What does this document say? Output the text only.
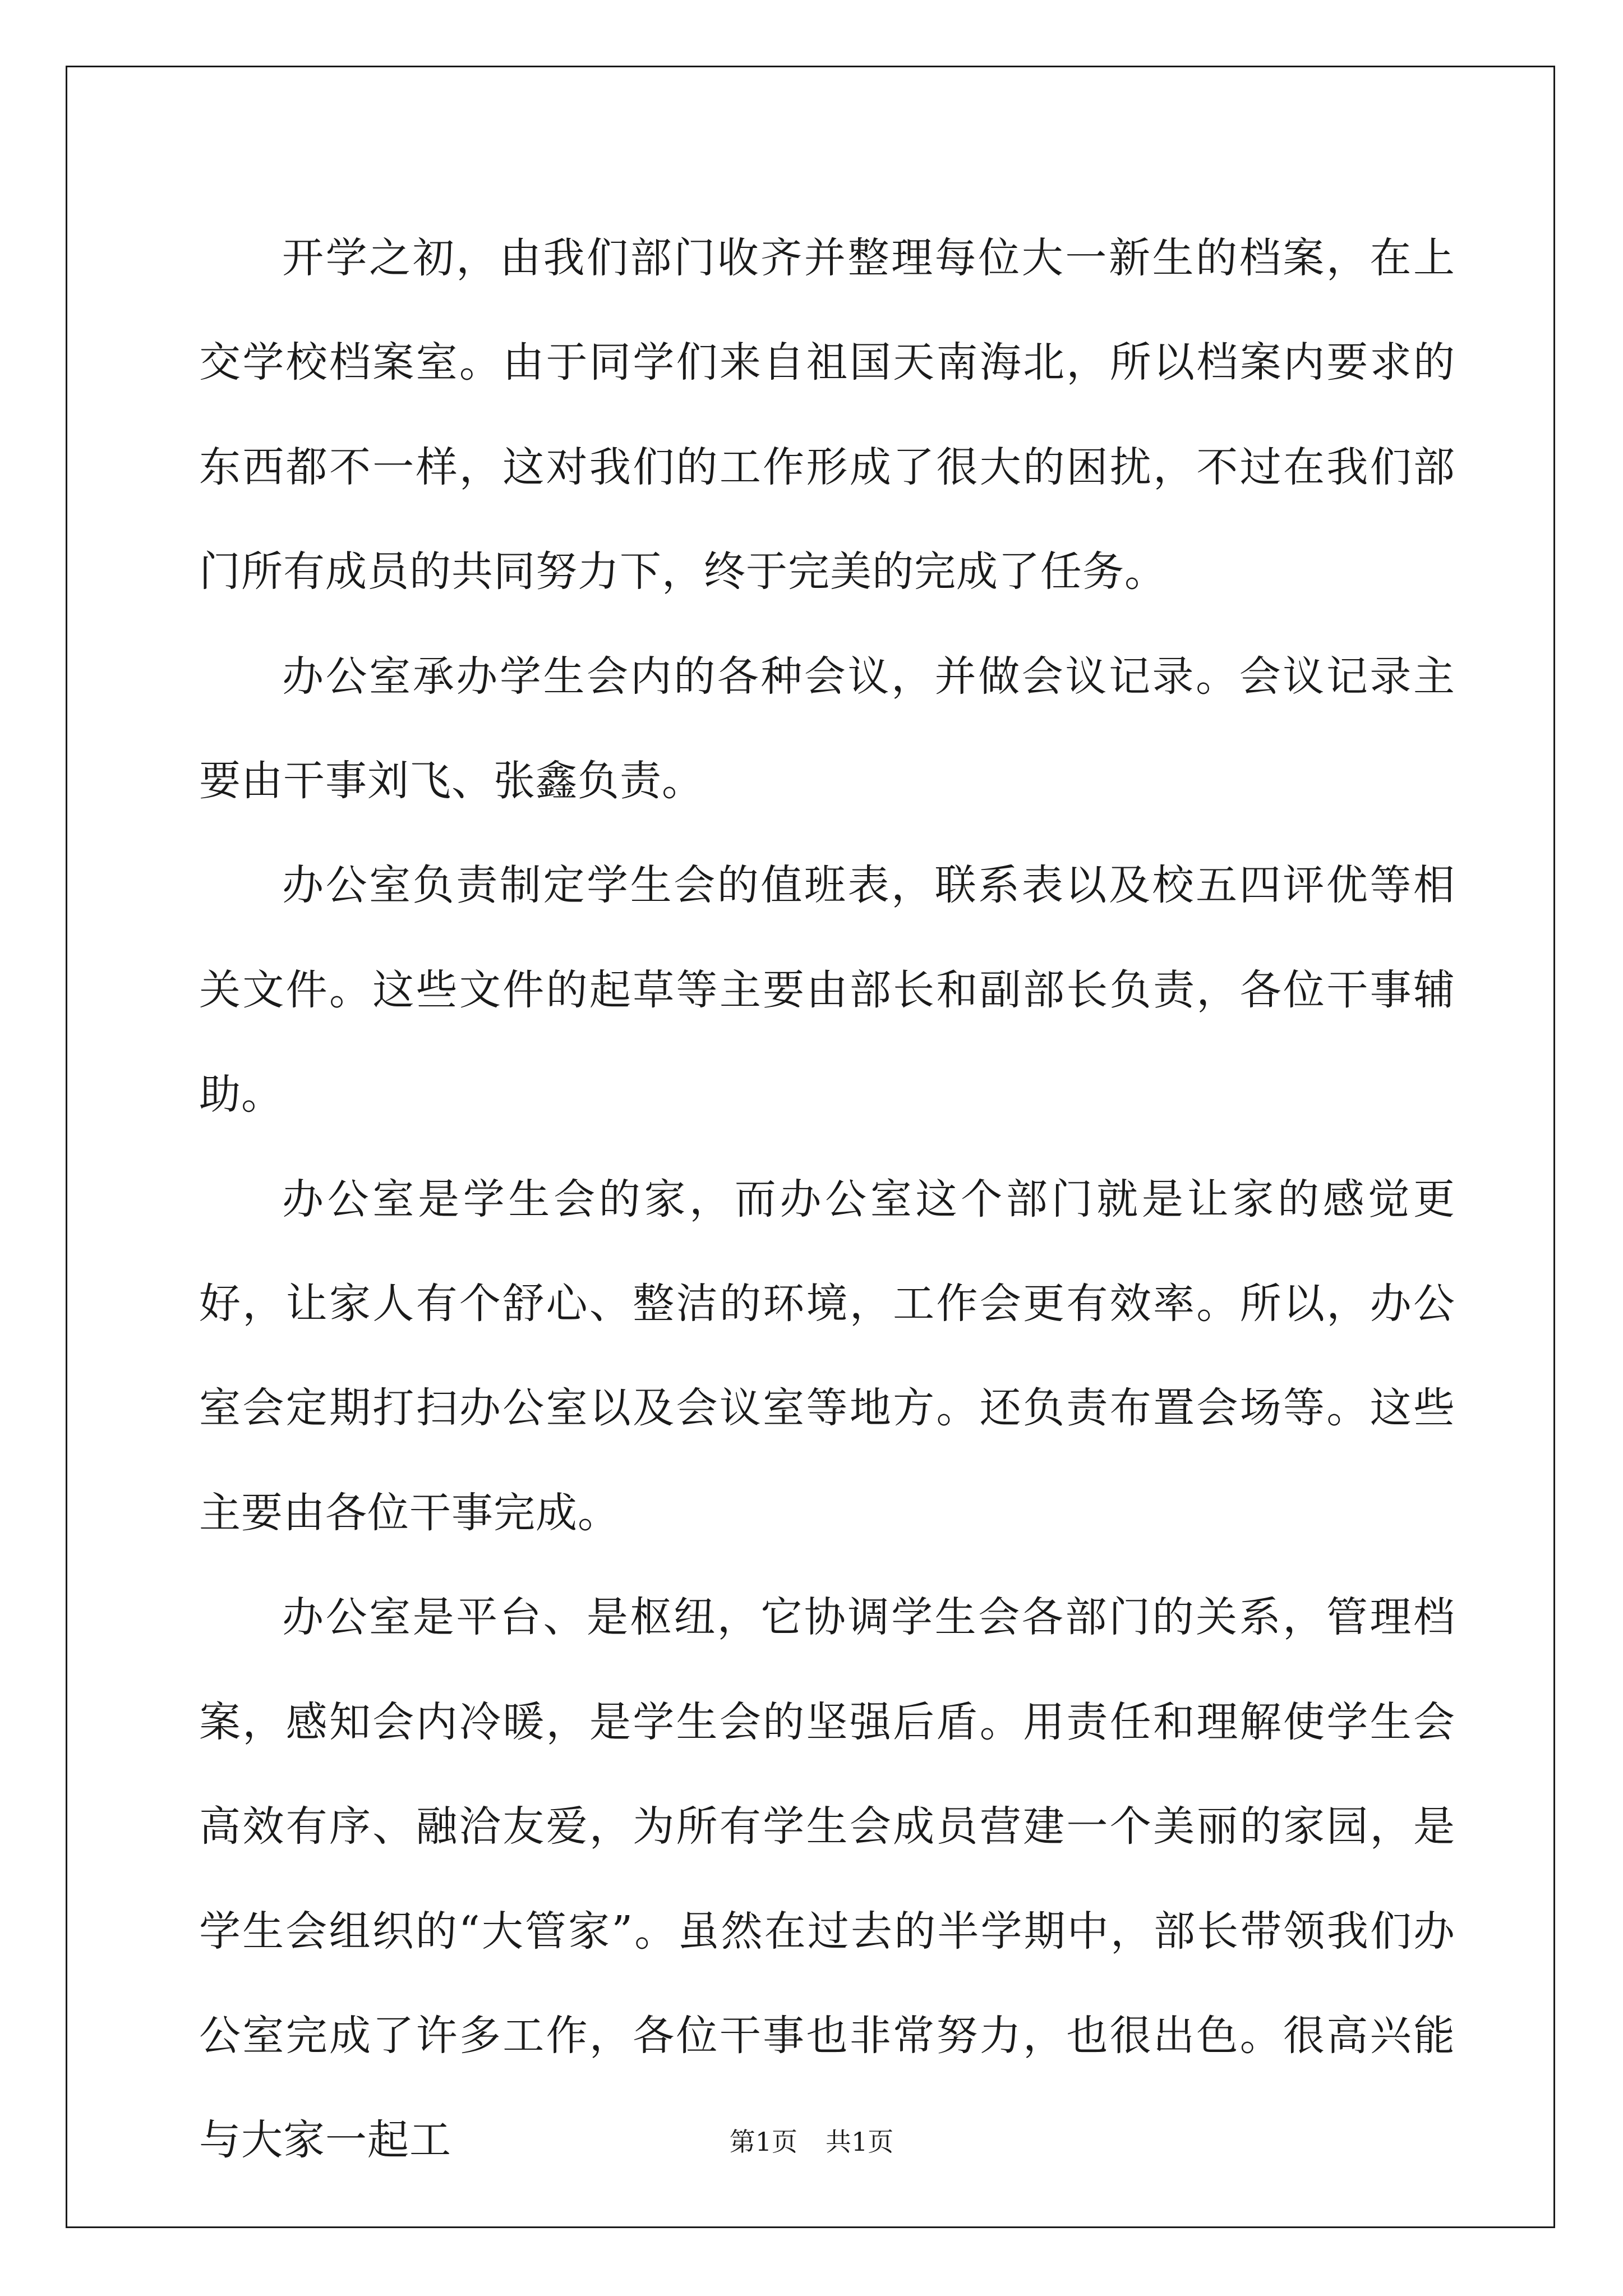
开学之初，由我们部门收齐并整理每位大一新生的档案，在上交学校档案室。由于同学们来自祖国天南海北，所以档案内要求的东西都不一样，这对我们的工作形成了很大的困扰，不过在我们部门所有成员的共同努力下，终于完美的完成了任务。

办公室承办学生会内的各种会议，并做会议记录。会议记录主要由干事刘飞、张鑫负责。

办公室负责制定学生会的值班表，联系表以及校五四评优等相关文件。这些文件的起草等主要由部长和副部长负责，各位干事辅助。

办公室是学生会的家，而办公室这个部门就是让家的感觉更好，让家人有个舒心、整洁的环境，工作会更有效率。所以，办公室会定期打扫办公室以及会议室等地方。还负责布置会场等。这些主要由各位干事完成。

办公室是平台、是枢纽，它协调学生会各部门的关系，管理档案，感知会内冷暖，是学生会的坚强后盾。用责任和理解使学生会高效有序、融洽友爱，为所有学生会成员营建一个美丽的家园，是学生会组织的“大管家”。虽然在过去的半学期中，部长带领我们办公室完成了许多工作，各位干事也非常努力，也很出色。很高兴能与大家一起工	第1页 共1页
